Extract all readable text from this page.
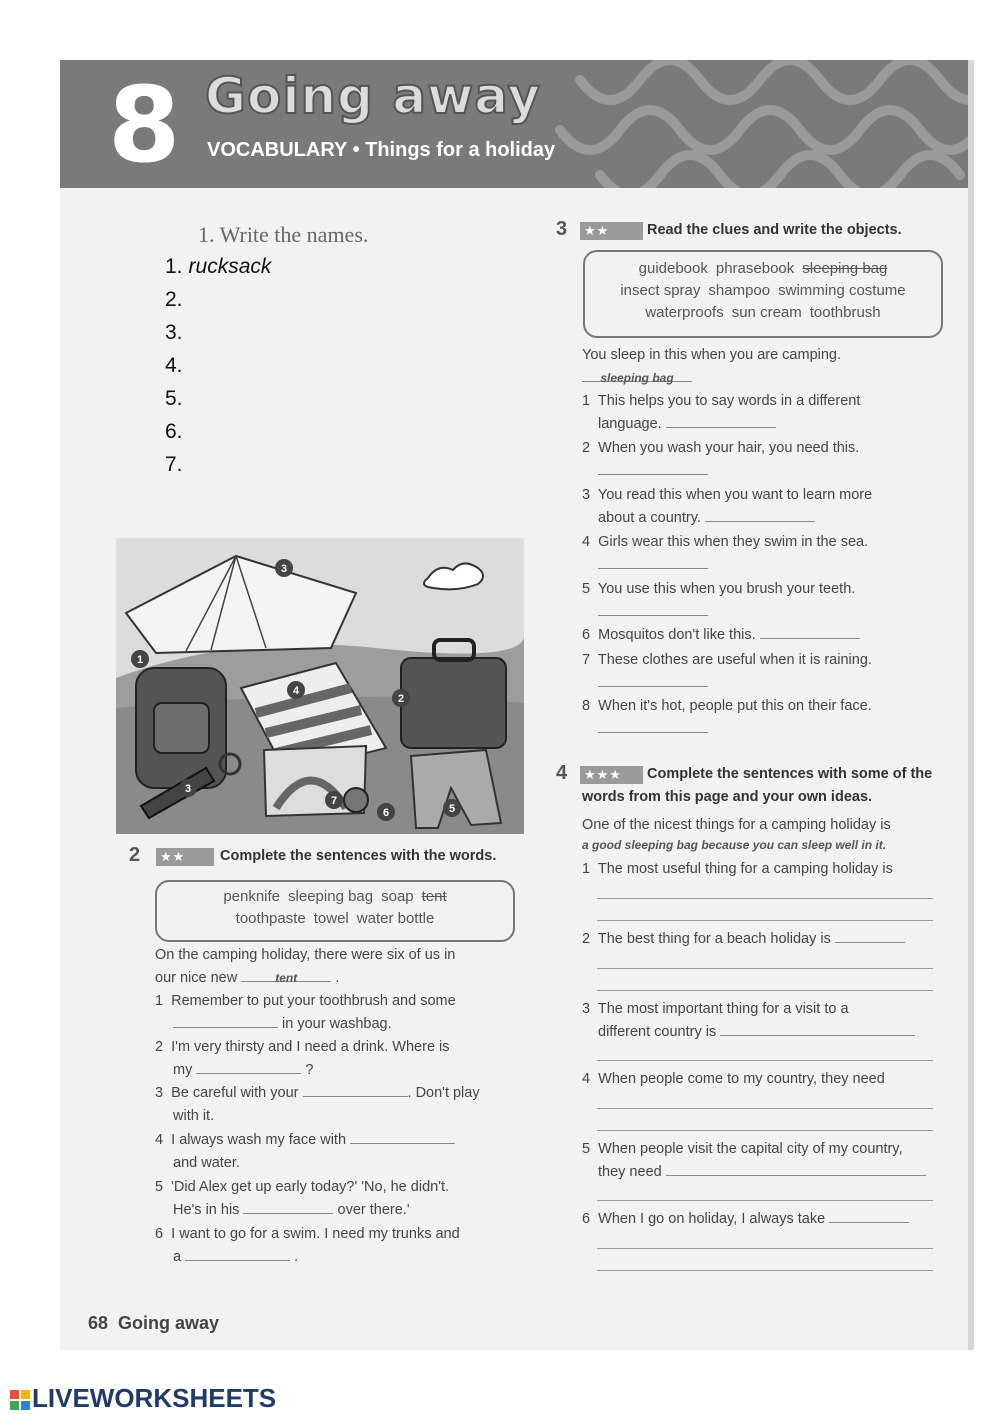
8 Going away
VOCABULARY • Things for a holiday
1. Write the names.
1. rucksack
2.
3.
4.
5.
6.
7.
3
1
2
4
3
7
6	5
2	★★	Complete the sentences with the words.
penknife sleeping bag soap tent
toothpaste towel water bottle
On the camping holiday, there were six of us in
our nice new	tent .
1 Remember to put your toothbrush and some
in your washbag.
2 I'm very thirsty and I need a drink. Where is
my	?
3 Be careful with your	. Don't play
with it.
4 I always wash my face with
and water.
5 'Did Alex get up early today?' 'No, he didn't.
He's in his	over there.'
6 I want to go for a swim. I need my trunks and
a	.
3	★★	Read the clues and write the objects.
guidebook phrasebook sleeping bag
insect spray shampoo swimming costume
waterproofs sun cream toothbrush
You sleep in this when you are camping.
sleeping bag
1 This helps you to say words in a different
language.
2 When you wash your hair, you need this.
3 You read this when you want to learn more
about a country.
4 Girls wear this when they swim in the sea.
5 You use this when you brush your teeth.
6 Mosquitos don't like this.
7 These clothes are useful when it is raining.
8 When it's hot, people put this on their face.
4	★★★	Complete the sentences with some of the
words from this page and your own ideas.
One of the nicest things for a camping holiday is
a good sleeping bag because you can sleep well in it.
1 The most useful thing for a camping holiday is
2 The best thing for a beach holiday is
3 The most important thing for a visit to a
different country is
4 When people come to my country, they need
5 When people visit the capital city of my country,
they need
6 When I go on holiday, I always take
68 Going away
LIVEWORKSHEETS
